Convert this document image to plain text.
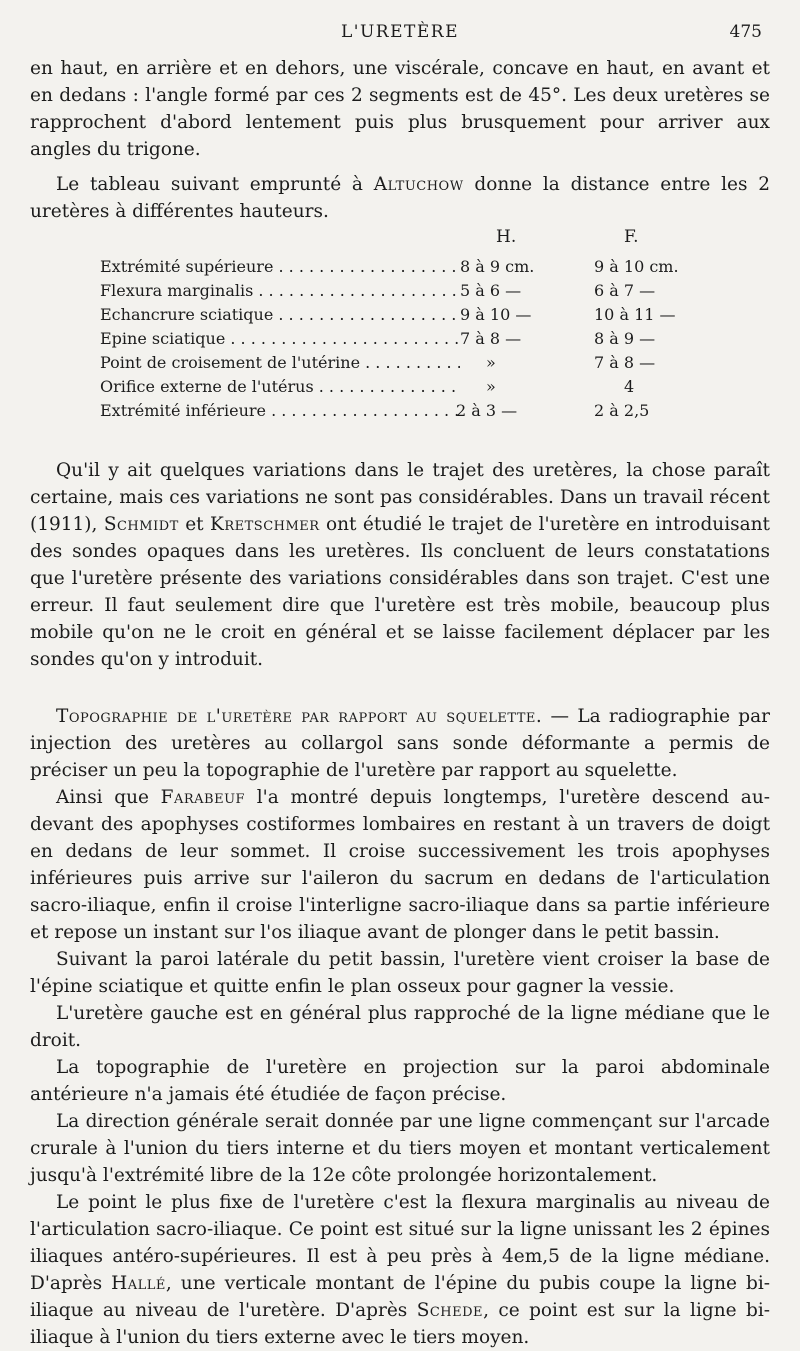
L'URETÈRE	475

en haut, en arrière et en dehors, une viscérale, concave en haut, en avant et en dedans : l'angle formé par ces 2 segments est de 45°. Les deux uretères se rapprochent d'abord lentement puis plus brusquement pour arriver aux angles du trigone.

Le tableau suivant emprunté à Altuchow donne la distance entre les 2 uretères à différentes hauteurs.

H.	F.
Extrémité supérieure . . .	8 à 9 cm.	9 à 10 cm.
Flexura marginalis . . .	5 à 6 —	6 à 7 —
Echancrure sciatique . . .	9 à 10 —	10 à 11 —
Epine sciatique . . .	7 à 8 —	8 à 9 —
Point de croisement de l'utérine . . .	»	7 à 8 —
Orifice externe de l'utérus . . .	»	4
Extrémité inférieure . . .	2 à 3 —	2 à 2,5

Qu'il y ait quelques variations dans le trajet des uretères, la chose paraît certaine, mais ces variations ne sont pas considérables. Dans un travail récent (1911), Schmidt et Kretschmer ont étudié le trajet de l'uretère en introduisant des sondes opaques dans les uretères. Ils concluent de leurs constatations que l'uretère présente des variations considérables dans son trajet. C'est une erreur. Il faut seulement dire que l'uretère est très mobile, beaucoup plus mobile qu'on ne le croit en général et se laisse facilement déplacer par les sondes qu'on y introduit.

Topographie de l'uretère par rapport au squelette. — La radiographie par injection des uretères au collargol sans sonde déformante a permis de préciser un peu la topographie de l'uretère par rapport au squelette.

Ainsi que Farabeuf l'a montré depuis longtemps, l'uretère descend au-devant des apophyses costiformes lombaires en restant à un travers de doigt en dedans de leur sommet. Il croise successivement les trois apophyses inférieures puis arrive sur l'aileron du sacrum en dedans de l'articulation sacro-iliaque, enfin il croise l'interligne sacro-iliaque dans sa partie inférieure et repose un instant sur l'os iliaque avant de plonger dans le petit bassin.

Suivant la paroi latérale du petit bassin, l'uretère vient croiser la base de l'épine sciatique et quitte enfin le plan osseux pour gagner la vessie.

L'uretère gauche est en général plus rapproché de la ligne médiane que le droit.

La topographie de l'uretère en projection sur la paroi abdominale antérieure n'a jamais été étudiée de façon précise.

La direction générale serait donnée par une ligne commençant sur l'arcade crurale à l'union du tiers interne et du tiers moyen et montant verticalement jusqu'à l'extrémité libre de la 12e côte prolongée horizontalement.

Le point le plus fixe de l'uretère c'est la flexura marginalis au niveau de l'articulation sacro-iliaque. Ce point est situé sur la ligne unissant les 2 épines iliaques antéro-supérieures. Il est à peu près à 4em,5 de la ligne médiane. D'après Hallé, une verticale montant de l'épine du pubis coupe la ligne bi-iliaque au niveau de l'uretère. D'après Schede, ce point est sur la ligne bi-iliaque à l'union du tiers externe avec le tiers moyen.
